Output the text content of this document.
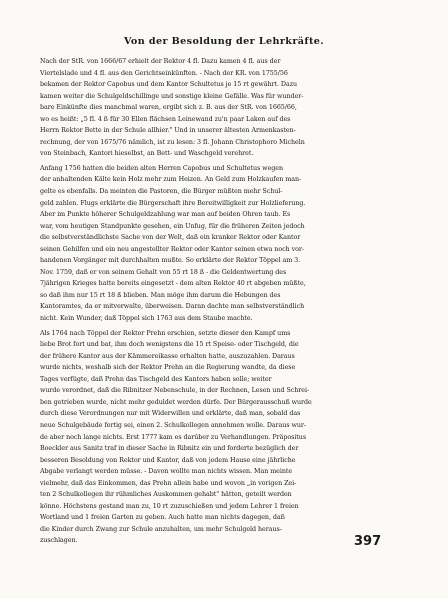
Von der Besoldung der Lehrkräfte.

Nach der StR. von 1666/67 erhielt der Rektor 4 fl. Dazu kamen 4 fl. aus der
Viertelslade und 4 fl. aus den Gerichtseinkünften. - Nach der KR. von 1755/56
bekamen der Rektor Capobus und dem Kantor Schultetus je 15 rt gewährt. Dazu
kamen weiter die Schulgeldschillinge und sonstige kleine Gefälle. Was für wunder-
bare Einkünfte dies manchmal waren, ergibt sich z. B. aus der StR. von 1665/66,
wo es heißt: „5 fl. 4 ß für 30 Ellen flächsen Leinewand zu'n paar Laken auf des
Herrn Rektor Bette in der Schule allhier." Und in unserer ältesten Armenkasten-
rechnung, der von 1675/76 nämlich, ist zu lesen: 3 fl. Johann Christophoro Micheln
von Steinbach, Kantori hieselbst, an Bett- und Waschgeld verehret.

Anfang 1756 hatten die beiden alten Herren Capobus und Schultetus wegen
der anhaltenden Kälte kein Holz mehr zum Heizen. An Geld zum Holzkaufen man-
gelte es ebenfalls. Da meinten die Pastoren, die Bürger müßten mehr Schul-
geld zahlen. Flugs erklärte die Bürgerschaft ihre Bereitwilligkeit zur Holzlieferung.
Aber im Punkte höherer Schulgeldzahlung war man auf beiden Ohren taub. Es
war, vom heutigen Standpunkte gesehen, ein Unfug, für die früheren Zeiten jedoch
die selbstverständlichste Sache von der Welt, daß ein kranker Rektor oder Kantor
seinen Gehilfen und ein neu angestellter Rektor oder Kantor seinen etwa noch vor-
handenen Vorgänger mit durchhalten mußte. So erklärte der Rektor Töppel am 3.
Nov. 1759, daß er von seinem Gehalt von 55 rt 18 ß - die Geldentwertung des
7jährigen Krieges hatte bereits eingesetzt - dem alten Rektor 40 rt abgeben müßte,
so daß ihm nur 15 rt 18 ß blieben. Man möge ihm darum die Hebungen des
Kantoramtes, da er mitverwalte, überweisen. Daran dachte man selbstverständlich
nicht. Kein Wunder, daß Töppel sich 1763 aus dem Staube machte.

Als 1764 nach Töppel der Rektor Prehn erschien, setzte dieser den Kampf ums
liebe Brot fort und bat, ihm doch wenigstens die 15 rt Speise- oder Tischgeld, die
der frühere Kantor aus der Kämmereikasse erhalten hatte, auszuzahlen. Daraus
wurde nichts, weshalb sich der Rektor Prehn an die Regierung wandte, da diese
Tages verfügte, daß Prehn das Tischgeld des Kantors haben solle; weiter
wurde verordnet, daß die Ribnitzer Nebenschule, in der Rechnen, Lesen und Schrei-
ben getrieben wurde, nicht mehr geduldet werden dürfe. Der Bürgerausschuß wurde
durch diese Verordnungen nur mit Widerwillen und erklärte, daß man, sobald das
neue Schulgebäude fertig sei, einen 2. Schulkollegen annehmen wolle. Daraus wur-
de aber noch lange nichts. Erst 1777 kam es darüber zu Verhandlungen. Präpositus
Boeckler aus Sanitz traf in dieser Sache in Ribnitz ein und forderte bezüglich der
besseren Besoldung von Rektor und Kantor, daß von jedem Hause eine jährliche
Abgabe verlangt werden müsse. - Davon wollte man nichts wissen. Man meinte
vielmehr, daß das Einkommen, das Prehn allein habe und wovon „in vorigen Zei-
ten 2 Schulkollegen ihr rühmliches Auskommen gehabt" hätten, geteilt werden
könne. Höchstens gestand man zu, 10 rt zuzuschießen und jedem Lehrer 1 freien
Wortland und 1 freien Garten zu geben. Auch hatte man nichts dagegen, daß
die Kinder durch Zwang zur Schule anzuhalten, um mehr Schulgeld heraus-
zuschlagen.	397
